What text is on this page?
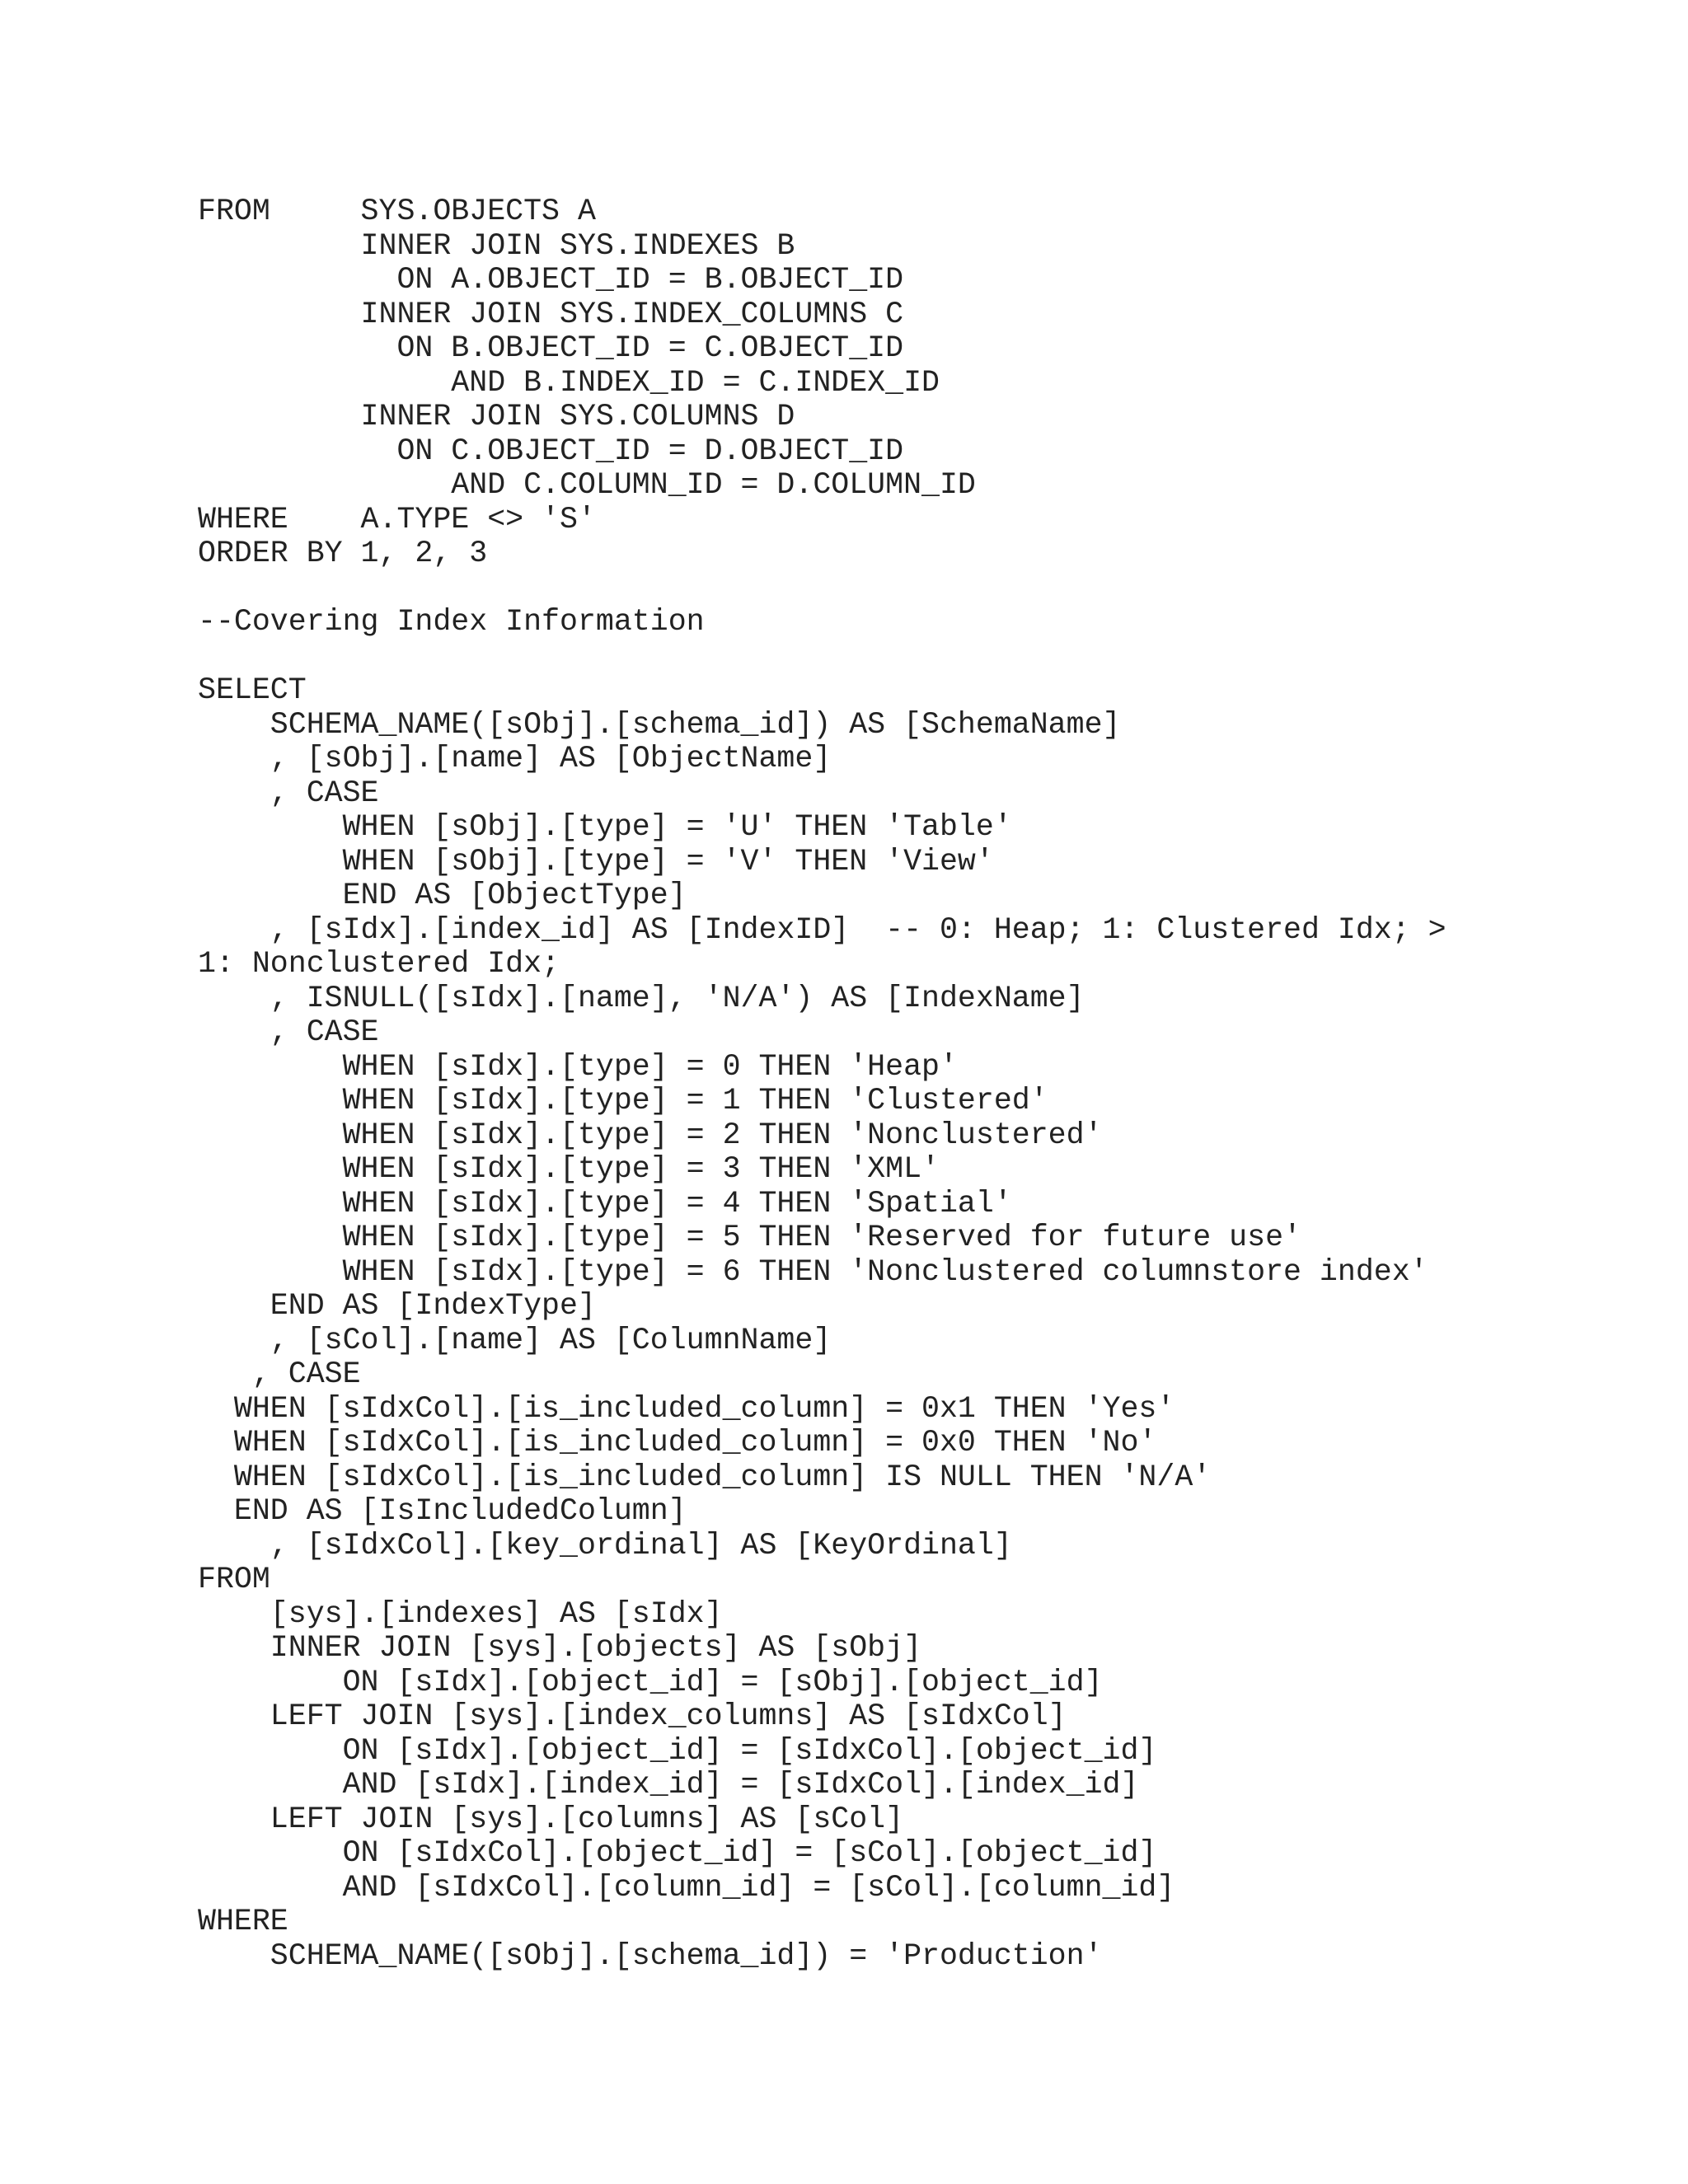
FROM     SYS.OBJECTS A
INNER JOIN SYS.INDEXES B
ON A.OBJECT_ID = B.OBJECT_ID
INNER JOIN SYS.INDEX_COLUMNS C
ON B.OBJECT_ID = C.OBJECT_ID
AND B.INDEX_ID = C.INDEX_ID
INNER JOIN SYS.COLUMNS D
ON C.OBJECT_ID = D.OBJECT_ID
AND C.COLUMN_ID = D.COLUMN_ID
WHERE    A.TYPE <> 'S'
ORDER BY 1, 2, 3
--Covering Index Information
SELECT
SCHEMA_NAME([sObj].[schema_id]) AS [SchemaName]
, [sObj].[name] AS [ObjectName]
, CASE
WHEN [sObj].[type] = 'U' THEN 'Table'
WHEN [sObj].[type] = 'V' THEN 'View'
END AS [ObjectType]
, [sIdx].[index_id] AS [IndexID]  -- 0: Heap; 1: Clustered Idx; >
1: Nonclustered Idx;
, ISNULL([sIdx].[name], 'N/A') AS [IndexName]
, CASE
WHEN [sIdx].[type] = 0 THEN 'Heap'
WHEN [sIdx].[type] = 1 THEN 'Clustered'
WHEN [sIdx].[type] = 2 THEN 'Nonclustered'
WHEN [sIdx].[type] = 3 THEN 'XML'
WHEN [sIdx].[type] = 4 THEN 'Spatial'
WHEN [sIdx].[type] = 5 THEN 'Reserved for future use'
WHEN [sIdx].[type] = 6 THEN 'Nonclustered columnstore index'
END AS [IndexType]
, [sCol].[name] AS [ColumnName]
, CASE
WHEN [sIdxCol].[is_included_column] = 0x1 THEN 'Yes'
WHEN [sIdxCol].[is_included_column] = 0x0 THEN 'No'
WHEN [sIdxCol].[is_included_column] IS NULL THEN 'N/A'
END AS [IsIncludedColumn]
, [sIdxCol].[key_ordinal] AS [KeyOrdinal]
FROM
[sys].[indexes] AS [sIdx]
INNER JOIN [sys].[objects] AS [sObj]
ON [sIdx].[object_id] = [sObj].[object_id]
LEFT JOIN [sys].[index_columns] AS [sIdxCol]
ON [sIdx].[object_id] = [sIdxCol].[object_id]
AND [sIdx].[index_id] = [sIdxCol].[index_id]
LEFT JOIN [sys].[columns] AS [sCol]
ON [sIdxCol].[object_id] = [sCol].[object_id]
AND [sIdxCol].[column_id] = [sCol].[column_id]
WHERE
SCHEMA_NAME([sObj].[schema_id]) = 'Production'
